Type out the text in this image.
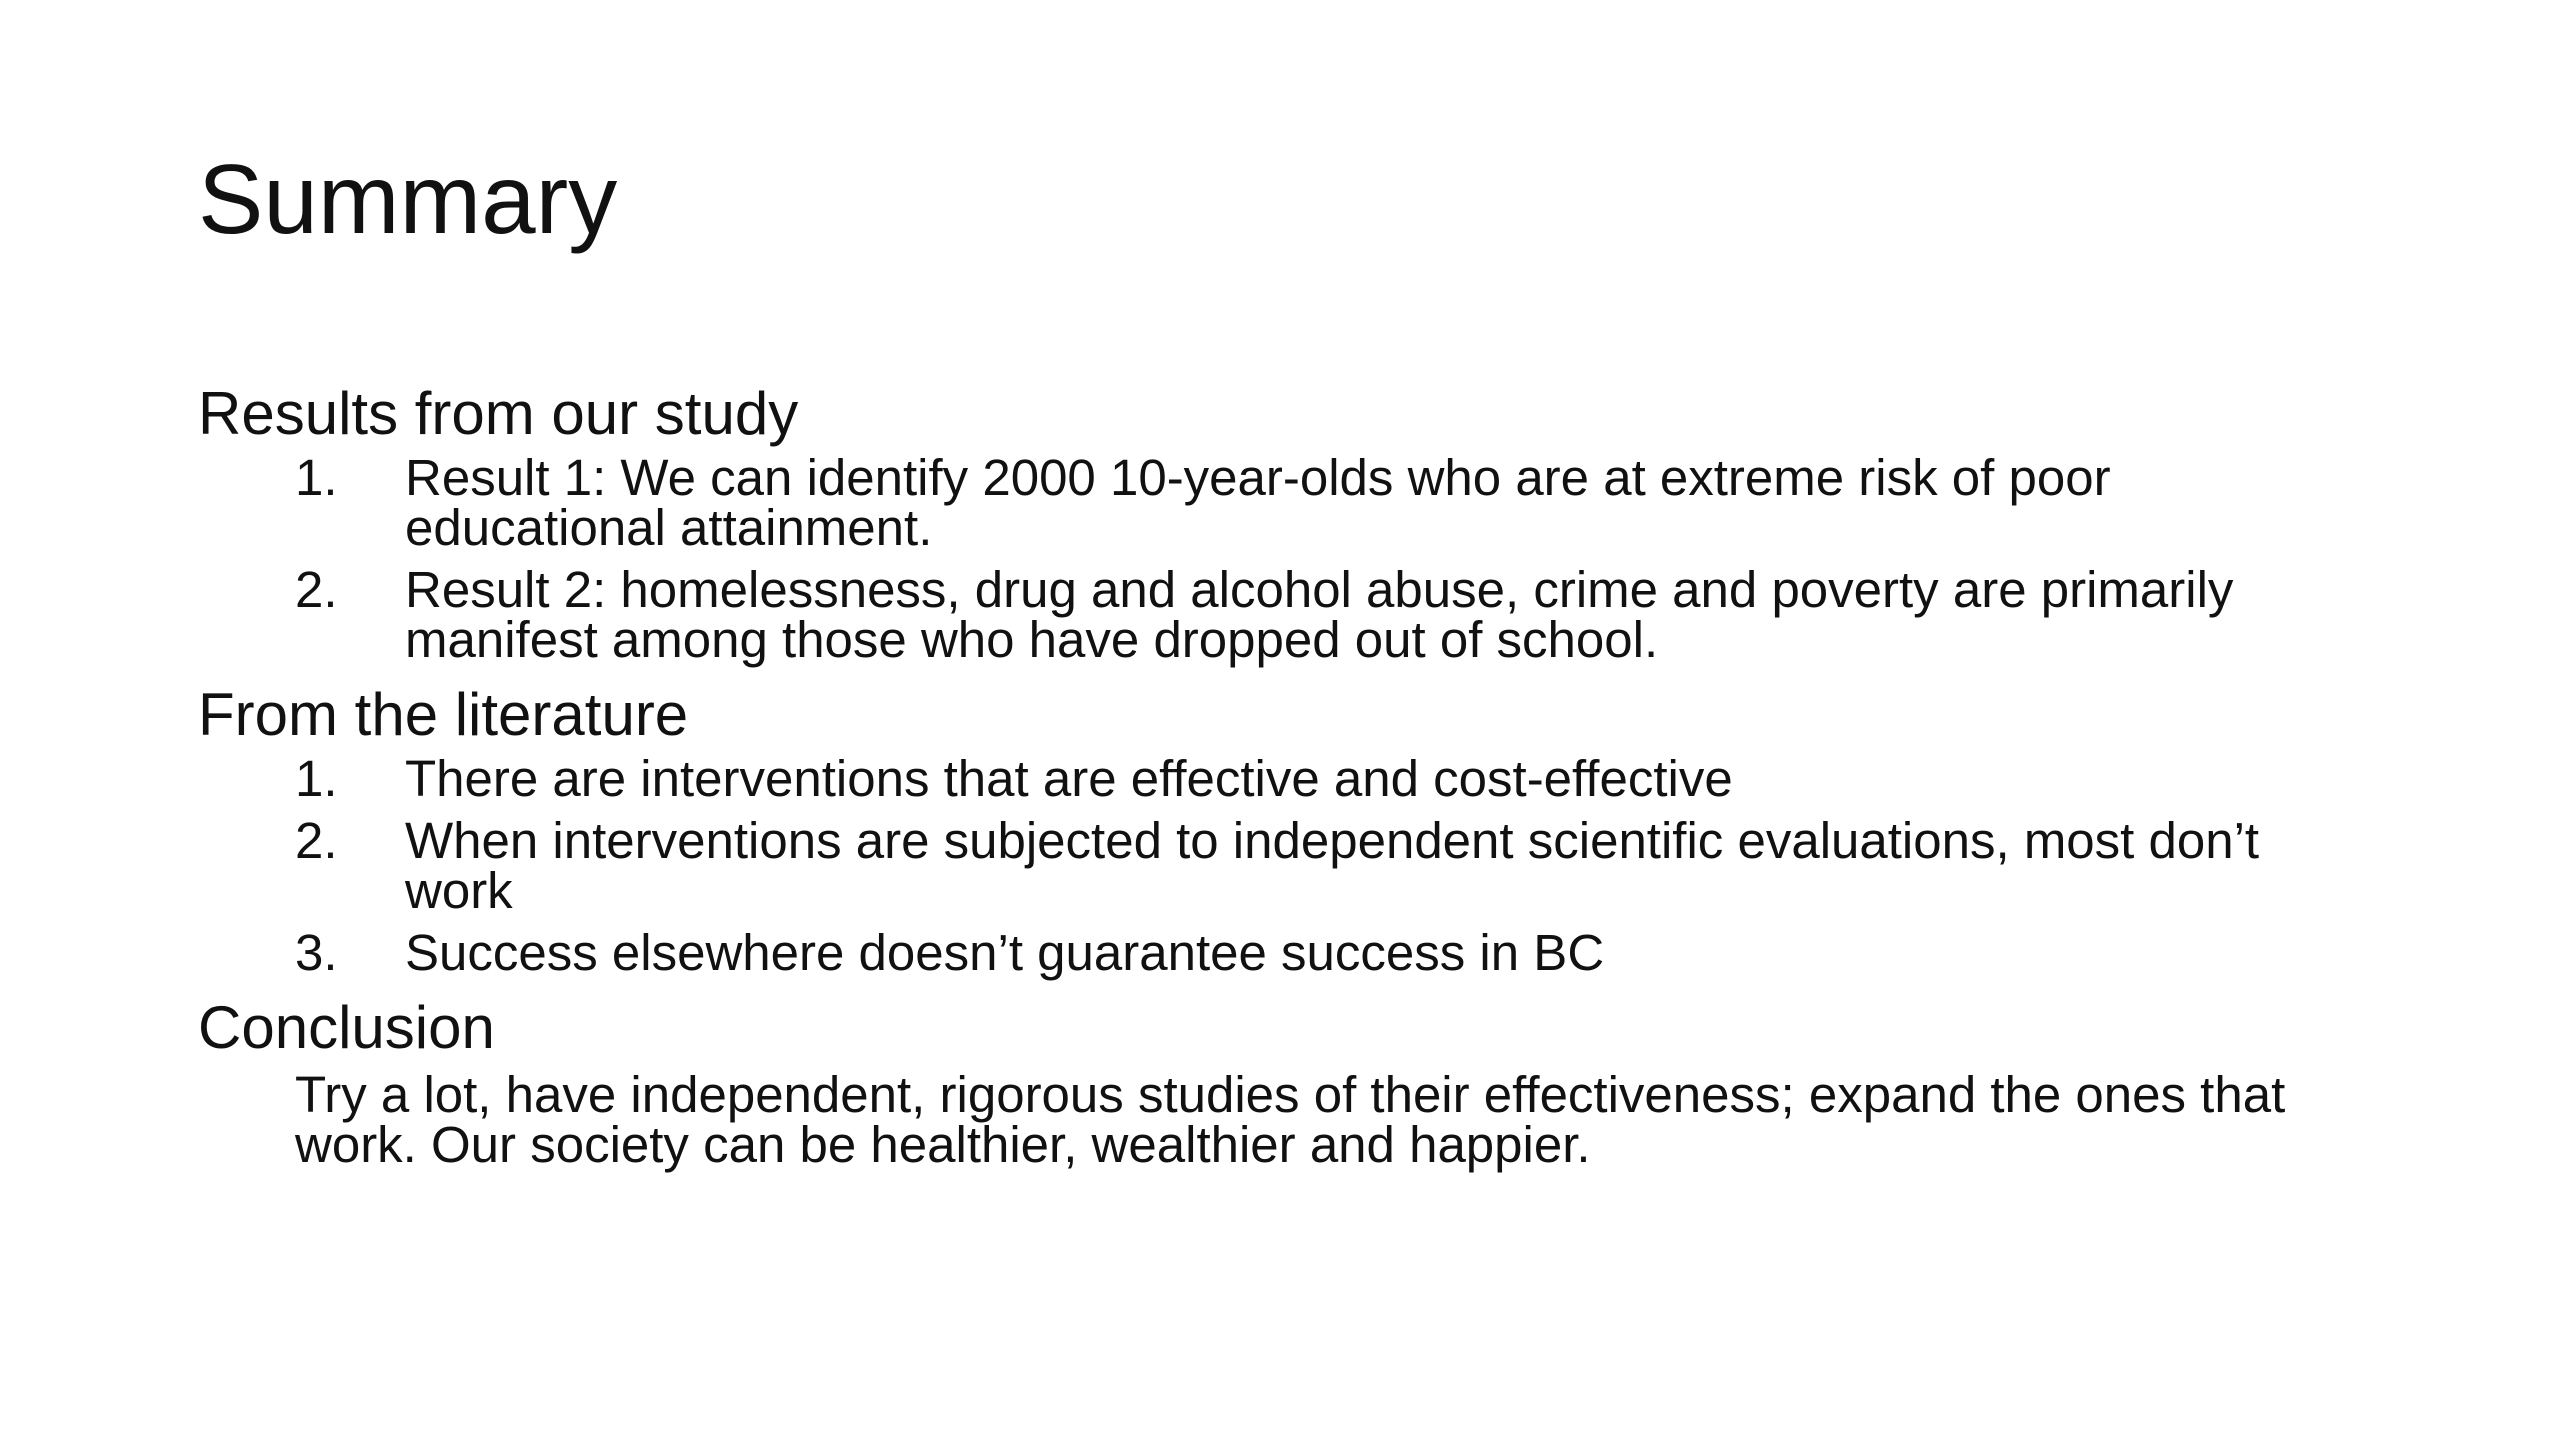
Summary

Results from our study

1.	Result 1: We can identify 2000 10-year-olds who are at extreme risk of poor educational attainment.
2.	Result 2: homelessness, drug and alcohol abuse, crime and poverty are primarily manifest among those who have dropped out of school.

From the literature

1.	There are interventions that are effective and cost-effective
2.	When interventions are subjected to independent scientific evaluations, most don’t work
3.	Success elsewhere doesn’t guarantee success in BC

Conclusion

Try a lot, have independent, rigorous studies of their effectiveness; expand the ones that work. Our society can be healthier, wealthier and happier.
